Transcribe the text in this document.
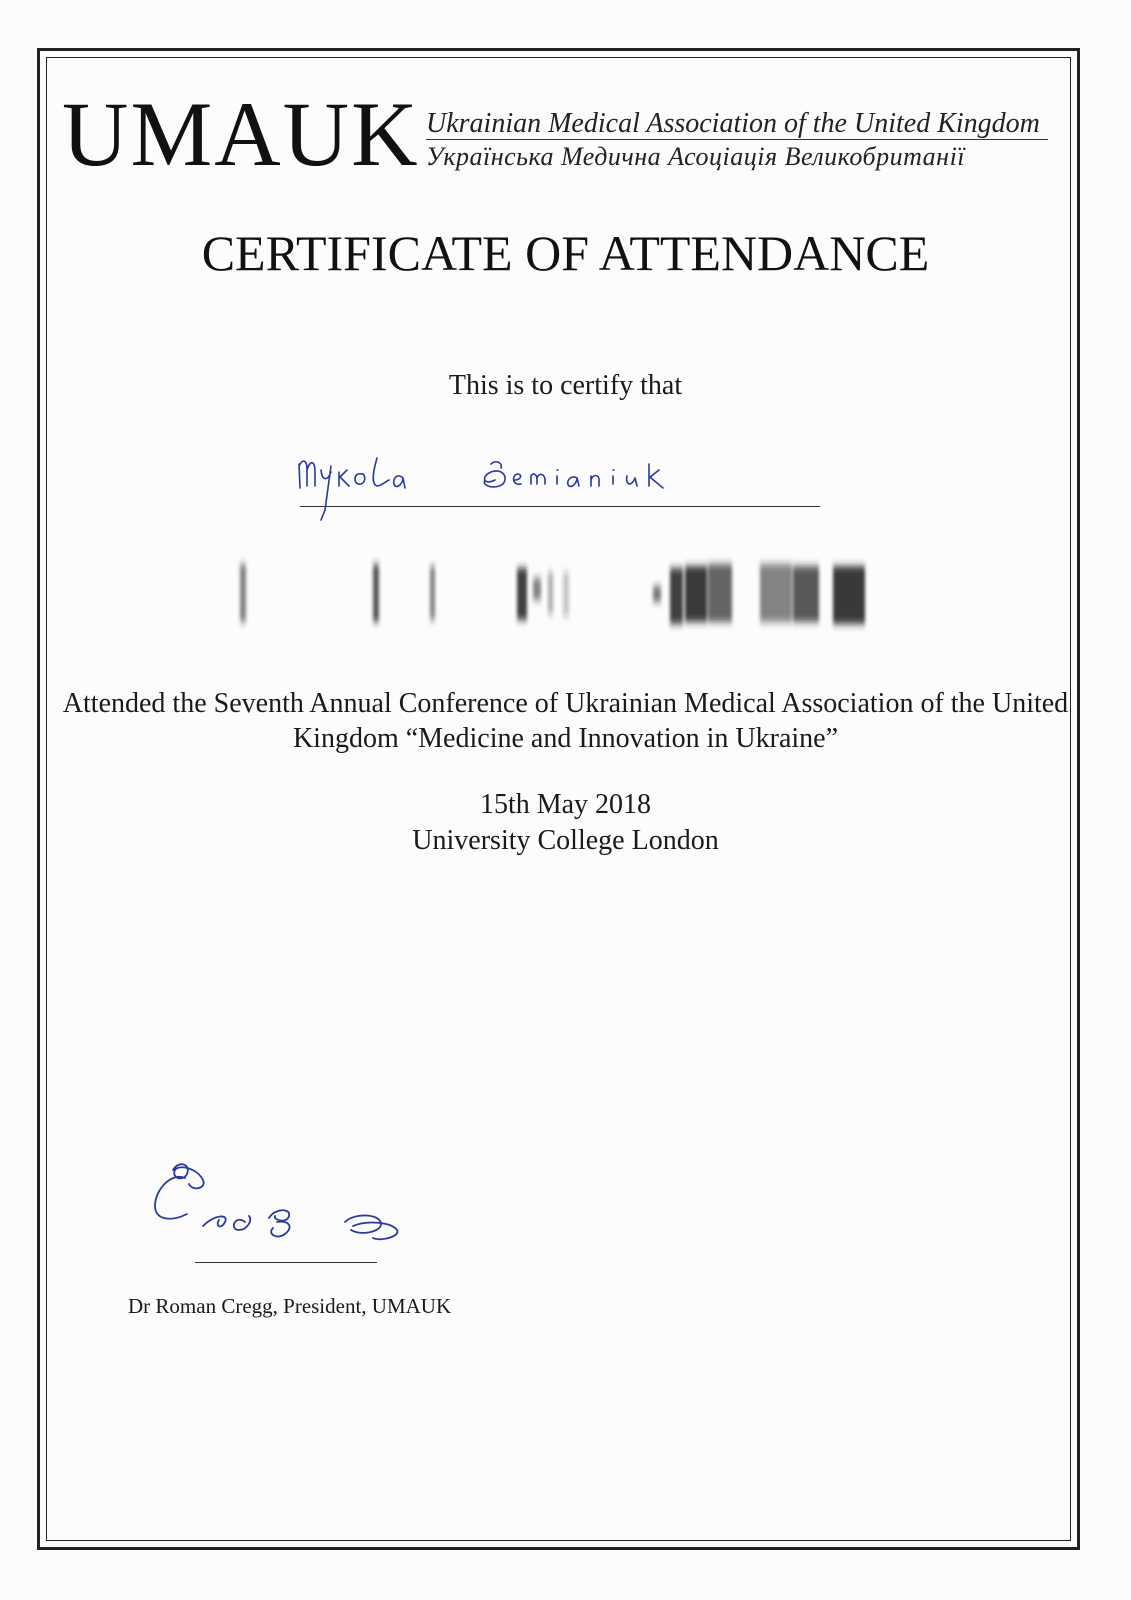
UMAUK Ukrainian Medical Association of the United Kingdom
Українська Медична Асоціація Великобританії
CERTIFICATE OF ATTENDANCE
This is to certify that
Attended the Seventh Annual Conference of Ukrainian Medical Association of the United Kingdom “Medicine and Innovation in Ukraine”
15th May 2018
University College London
Dr Roman Cregg, President, UMAUK
